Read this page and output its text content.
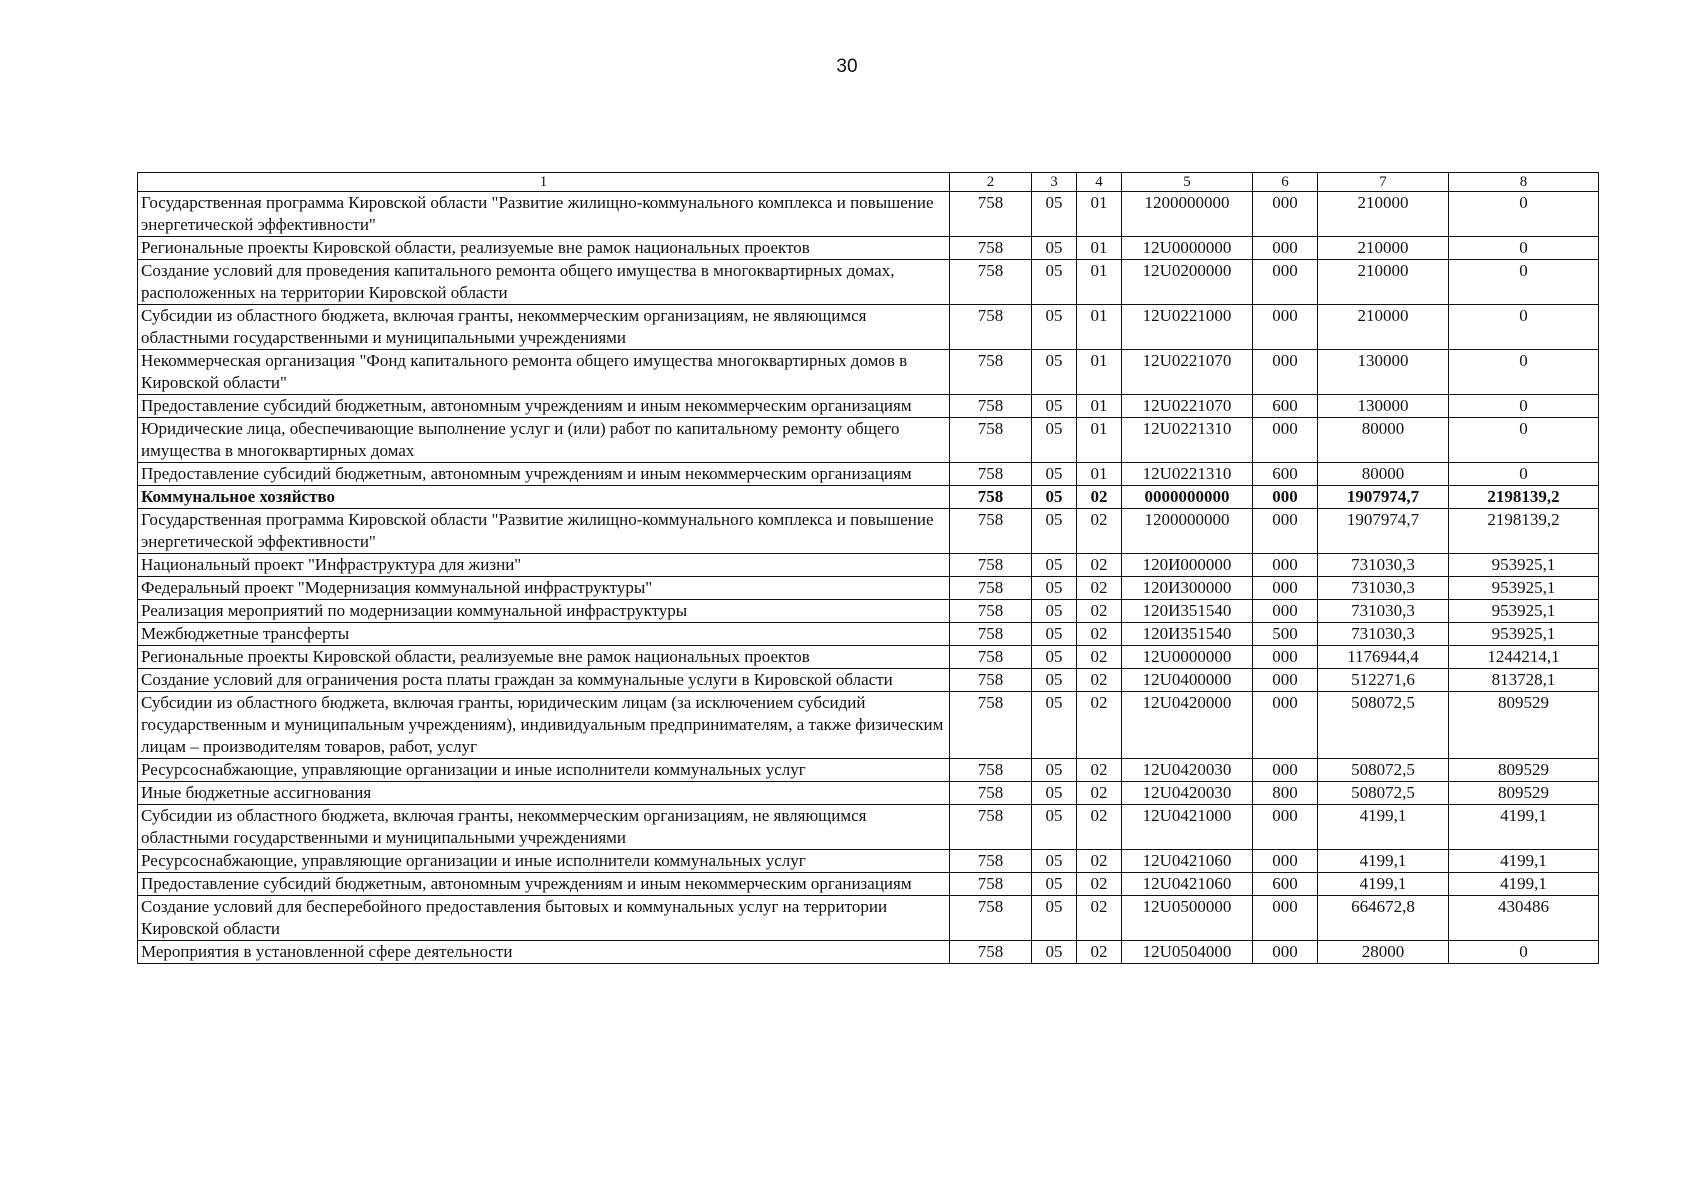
30
1	2	3	4	5	6	7	8
Государственная программа Кировской области "Развитие жилищно-коммунального комплекса и повышение энергетической эффективности"	758	05	01	1200000000	000	210000	0
Региональные проекты Кировской области, реализуемые вне рамок национальных проектов	758	05	01	12U0000000	000	210000	0
Создание условий для проведения капитального ремонта общего имущества в многоквартирных домах, расположенных на территории Кировской области	758	05	01	12U0200000	000	210000	0
Субсидии из областного бюджета, включая гранты, некоммерческим организациям, не являющимся областными государственными и муниципальными учреждениями	758	05	01	12U0221000	000	210000	0
Некоммерческая организация "Фонд капитального ремонта общего имущества многоквартирных домов в Кировской области"	758	05	01	12U0221070	000	130000	0
Предоставление субсидий бюджетным, автономным учреждениям и иным некоммерческим организациям	758	05	01	12U0221070	600	130000	0
Юридические лица, обеспечивающие выполнение услуг и (или) работ по капитальному ремонту общего имущества в многоквартирных домах	758	05	01	12U0221310	000	80000	0
Предоставление субсидий бюджетным, автономным учреждениям и иным некоммерческим организациям	758	05	01	12U0221310	600	80000	0
Коммунальное хозяйство	758	05	02	0000000000	000	1907974,7	2198139,2
Государственная программа Кировской области "Развитие жилищно-коммунального комплекса и повышение энергетической эффективности"	758	05	02	1200000000	000	1907974,7	2198139,2
Национальный проект "Инфраструктура для жизни"	758	05	02	120И000000	000	731030,3	953925,1
Федеральный проект "Модернизация коммунальной инфраструктуры"	758	05	02	120И300000	000	731030,3	953925,1
Реализация мероприятий по модернизации коммунальной инфраструктуры	758	05	02	120И351540	000	731030,3	953925,1
Межбюджетные трансферты	758	05	02	120И351540	500	731030,3	953925,1
Региональные проекты Кировской области, реализуемые вне рамок национальных проектов	758	05	02	12U0000000	000	1176944,4	1244214,1
Создание условий для ограничения роста платы граждан за коммунальные услуги в Кировской области	758	05	02	12U0400000	000	512271,6	813728,1
Субсидии из областного бюджета, включая гранты, юридическим лицам (за исключением субсидий государственным и муниципальным учреждениям), индивидуальным предпринимателям, а также физическим лицам – производителям товаров, работ, услуг	758	05	02	12U0420000	000	508072,5	809529
Ресурсоснабжающие, управляющие организации и иные исполнители коммунальных услуг	758	05	02	12U0420030	000	508072,5	809529
Иные бюджетные ассигнования	758	05	02	12U0420030	800	508072,5	809529
Субсидии из областного бюджета, включая гранты, некоммерческим организациям, не являющимся областными государственными и муниципальными учреждениями	758	05	02	12U0421000	000	4199,1	4199,1
Ресурсоснабжающие, управляющие организации и иные исполнители коммунальных услуг	758	05	02	12U0421060	000	4199,1	4199,1
Предоставление субсидий бюджетным, автономным учреждениям и иным некоммерческим организациям	758	05	02	12U0421060	600	4199,1	4199,1
Создание условий для бесперебойного предоставления бытовых и коммунальных услуг на территории Кировской области	758	05	02	12U0500000	000	664672,8	430486
Мероприятия в установленной сфере деятельности	758	05	02	12U0504000	000	28000	0
